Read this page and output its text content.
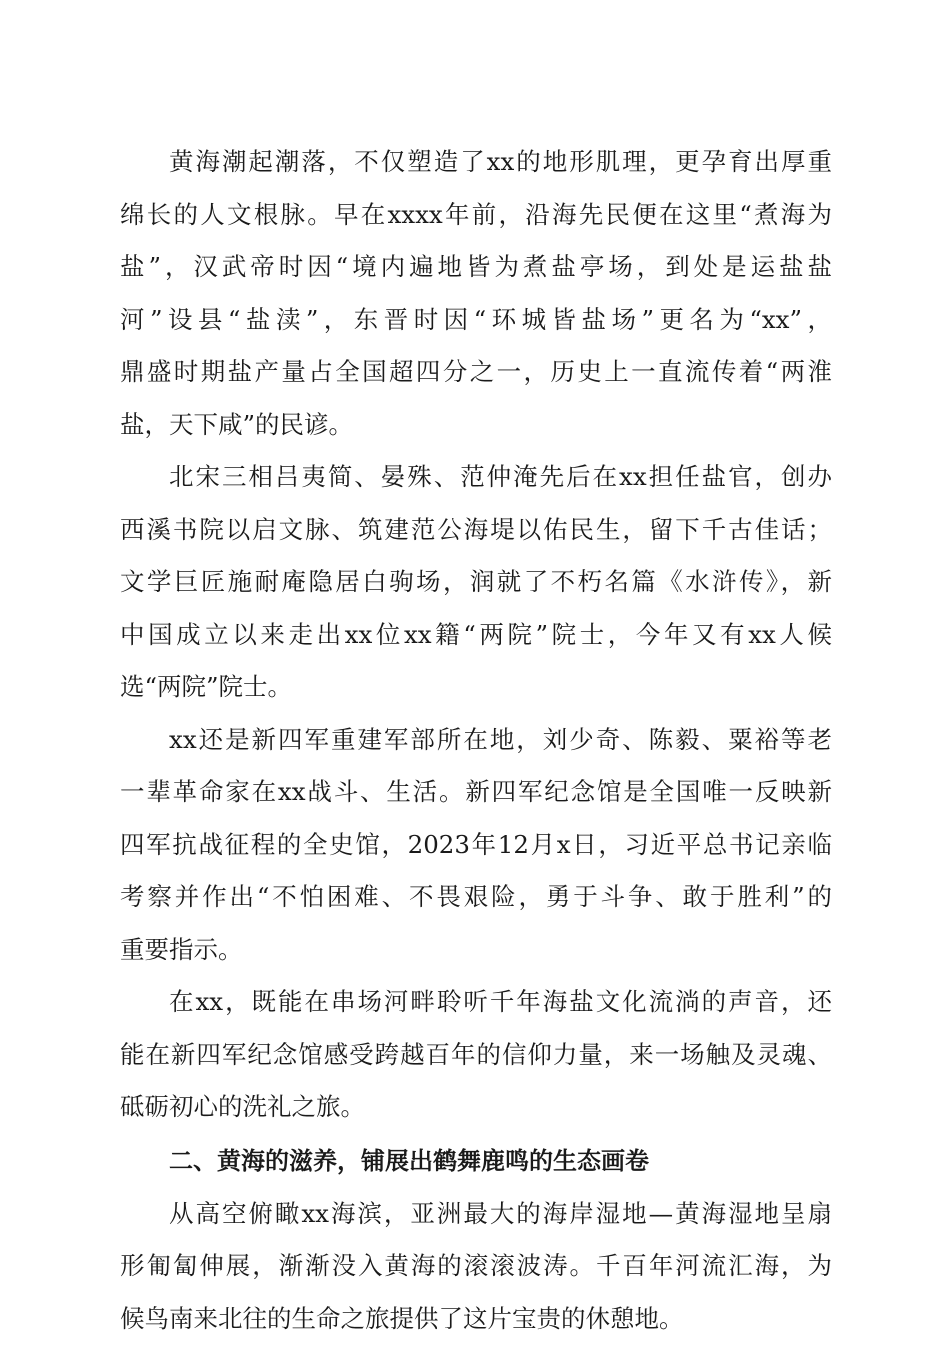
黄海潮起潮落，不仅塑造了xx的地形肌理，更孕育出厚重
绵长的人文根脉。早在xxxx年前，沿海先民便在这里“煮海为
盐”，汉武帝时因“境内遍地皆为煮盐亭场，到处是运盐盐
河”设县“盐渎”，东晋时因“环城皆盐场”更名为“xx”，
鼎盛时期盐产量占全国超四分之一，历史上一直流传着“两淮
盐，天下咸”的民谚。
北宋三相吕夷简、晏殊、范仲淹先后在xx担任盐官，创办
西溪书院以启文脉、筑建范公海堤以佑民生，留下千古佳话；
文学巨匠施耐庵隐居白驹场，润就了不朽名篇《水浒传》，新
中国成立以来走出xx位xx籍“两院”院士，今年又有xx人候
选“两院”院士。
xx还是新四军重建军部所在地，刘少奇、陈毅、粟裕等老
一辈革命家在xx战斗、生活。新四军纪念馆是全国唯一反映新
四军抗战征程的全史馆，2023年12月x日，习近平总书记亲临
考察并作出“不怕困难、不畏艰险，勇于斗争、敢于胜利”的
重要指示。
在xx，既能在串场河畔聆听千年海盐文化流淌的声音，还
能在新四军纪念馆感受跨越百年的信仰力量，来一场触及灵魂、
砥砺初心的洗礼之旅。
二、黄海的滋养，铺展出鹤舞鹿鸣的生态画卷
从高空俯瞰xx海滨，亚洲最大的海岸湿地—黄海湿地呈扇
形匍匐伸展，渐渐没入黄海的滚滚波涛。千百年河流汇海，为
候鸟南来北往的生命之旅提供了这片宝贵的休憩地。
